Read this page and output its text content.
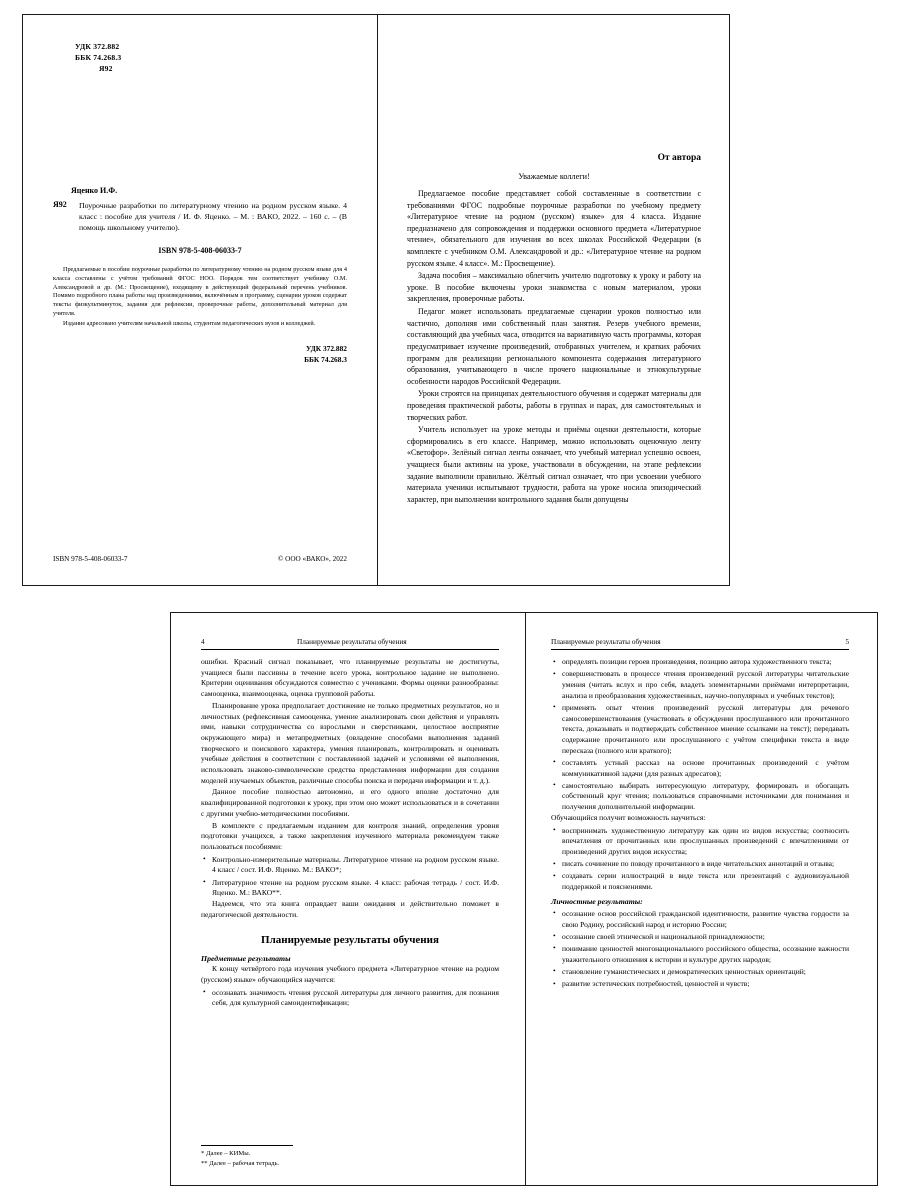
УДК 372.882
ББК 74.268.3
Я92
Яценко И.Ф.
Я92	Поурочные разработки по литературному чтению на родном русском языке. 4 класс : пособие для учителя / И. Ф. Яценко. – М. : ВАКО, 2022. – 160 с. – (В помощь школьному учителю).
ISBN 978-5-408-06033-7

Предлагаемые в пособии поурочные разработки по литературному чтению на родном русском языке для 4 класса составлены с учётом требований ФГОС НОО. Порядок тем соответствует учебнику О.М. Александровой и др. (М.: Просвещение), входящему в действующий федеральный перечень учебников. Помимо подробного плана работы над произведениями, включённым в программу, сценарии уроков содержат тексты физкультминуток, задания для рефлексии, проверочные работы, дополнительный материал для учителя.

Издание адресовано учителям начальной школы, студентам педагогических вузов и колледжей.

УДК 372.882
ББК 74.268.3
ISBN 978-5-408-06033-7	© ООО «ВАКО», 2022
От автора
Уважаемые коллеги!

Предлагаемое пособие представляет собой составленные в соответствии с требованиями ФГОС подробные поурочные разработки по учебному предмету «Литературное чтение на родном (русском) языке» для 4 класса. Издание предназначено для сопровождения и поддержки основного предмета «Литературное чтение», обязательного для изучения во всех школах Российской Федерации (в комплекте с учебником О.М. Александровой и др.: «Литературное чтение на родном русском языке. 4 класс». М.: Просвещение).

Задача пособия – максимально облегчить учителю подготовку к уроку и работу на уроке. В пособие включены уроки знакомства с новым материалом, уроки закрепления, проверочные работы.

Педагог может использовать предлагаемые сценарии уроков полностью или частично, дополняя ими собственный план занятия. Резерв учебного времени, составляющий два учебных часа, отводится на вариативную часть программы, которая предусматривает изучение произведений, отобранных учителем, и кратких рабочих программ для реализации регионального компонента содержания литературного образования, учитывающего в числе прочего национальные и этнокультурные особенности народов Российской Федерации.

Уроки строятся на принципах деятельностного обучения и содержат материалы для проведения практической работы, работы в группах и парах, для самостоятельных и творческих работ.

Учитель использует на уроке методы и приёмы оценки деятельности, которые сформировались в его классе. Например, можно использовать оценочную ленту «Светофор». Зелёный сигнал ленты означает, что учебный материал успешно освоен, учащиеся были активны на уроке, участвовали в обсуждении, на этапе рефлексии задание выполнили правильно. Жёлтый сигнал означает, что при усвоении учебного материала ученики испытывают трудности, работа на уроке носила эпизодический характер, при выполнении контрольного задания были допущены

4	Планируемые результаты обучения

ошибки. Красный сигнал показывает, что планируемые результаты не достигнуты, учащиеся были пассивны в течение всего урока, контрольное задание не выполнено. Критерии оценивания обсуждаются совместно с учениками. Формы оценки разнообразны: самооценка, взаимооценка, оценка групповой работы.

Планирование урока предполагает достижение не только предметных результатов, но и личностных (рефлексивная самооценка, умение анализировать свои действия и управлять ими, навыки сотрудничества со взрослыми и сверстниками, целостное восприятие окружающего мира) и метапредметных (овладение способами выполнения заданий творческого и поискового характера, умения планировать, контролировать и оценивать учебные действия в соответствии с поставленной задачей и условиями её выполнения, использовать знаково-символические средства представления информации для создания моделей изучаемых объектов, различные способы поиска и передачи информации и т. д.).

Данное пособие полностью автономно, и его одного вполне достаточно для квалифицированной подготовки к уроку, при этом оно может использоваться и в сочетании с другими учебно-методическими пособиями.

В комплекте с предлагаемым изданием для контроля знаний, определения уровня подготовки учащихся, а также закрепления изученного материала рекомендуем также пользоваться пособиями:

• Контрольно-измерительные материалы. Литературное чтение на родном русском языке. 4 класс / сост. И.Ф. Яценко. М.: ВАКО*;
• Литературное чтение на родном русском языке. 4 класс: рабочая тетрадь / сост. И.Ф. Яценко. М.: ВАКО**.

Надеемся, что эта книга оправдает ваши ожидания и действительно поможет в педагогической деятельности.

Планируемые результаты обучения
Предметные результаты

К концу четвёртого года изучения учебного предмета «Литературное чтение на родном (русском) языке» обучающийся научится:

• осознавать значимость чтения русской литературы для личного развития, для познания себя, для культурной самоидентификации;
* Далее – КИМы.
** Далее – рабочая тетрадь.
Планируемые результаты обучения	5
• определять позиции героев произведения, позицию автора художественного текста;
• совершенствовать в процессе чтения произведений русской литературы читательские умения (читать вслух и про себя, владеть элементарными приёмами интерпретации, анализа и преобразования художественных, научно-популярных и учебных текстов);
• применять опыт чтения произведений русской литературы для речевого самосовершенствования (участвовать в обсуждении прослушанного или прочитанного текста, доказывать и подтверждать собственное мнение ссылками на текст); передавать содержание прочитанного или прослушанного с учётом специфики текста в виде пересказа (полного или краткого);
• составлять устный рассказ на основе прочитанных произведений с учётом коммуникативной задачи (для разных адресатов);
• самостоятельно выбирать интересующую литературу, формировать и обогащать собственный круг чтения; пользоваться справочными источниками для понимания и получения дополнительной информации.

Обучающийся получит возможность научиться:

• воспринимать художественную литературу как один из видов искусства; соотносить впечатления от прочитанных или прослушанных произведений с впечатлениями от произведений других видов искусства;
• писать сочинение по поводу прочитанного в виде читательских аннотаций и отзыва;
• создавать серии иллюстраций в виде текста или презентаций с аудиовизуальной поддержкой и пояснениями.

Личностные результаты:

• осознание основ российской гражданской идентичности, развитие чувства гордости за свою Родину, российский народ и историю России;
• осознание своей этнической и национальной принадлежности;
• понимание ценностей многонационального российского общества, осознание важности уважительного отношения к истории и культуре других народов;
• становление гуманистических и демократических ценностных ориентаций;
• развитие эстетических потребностей, ценностей и чувств;
